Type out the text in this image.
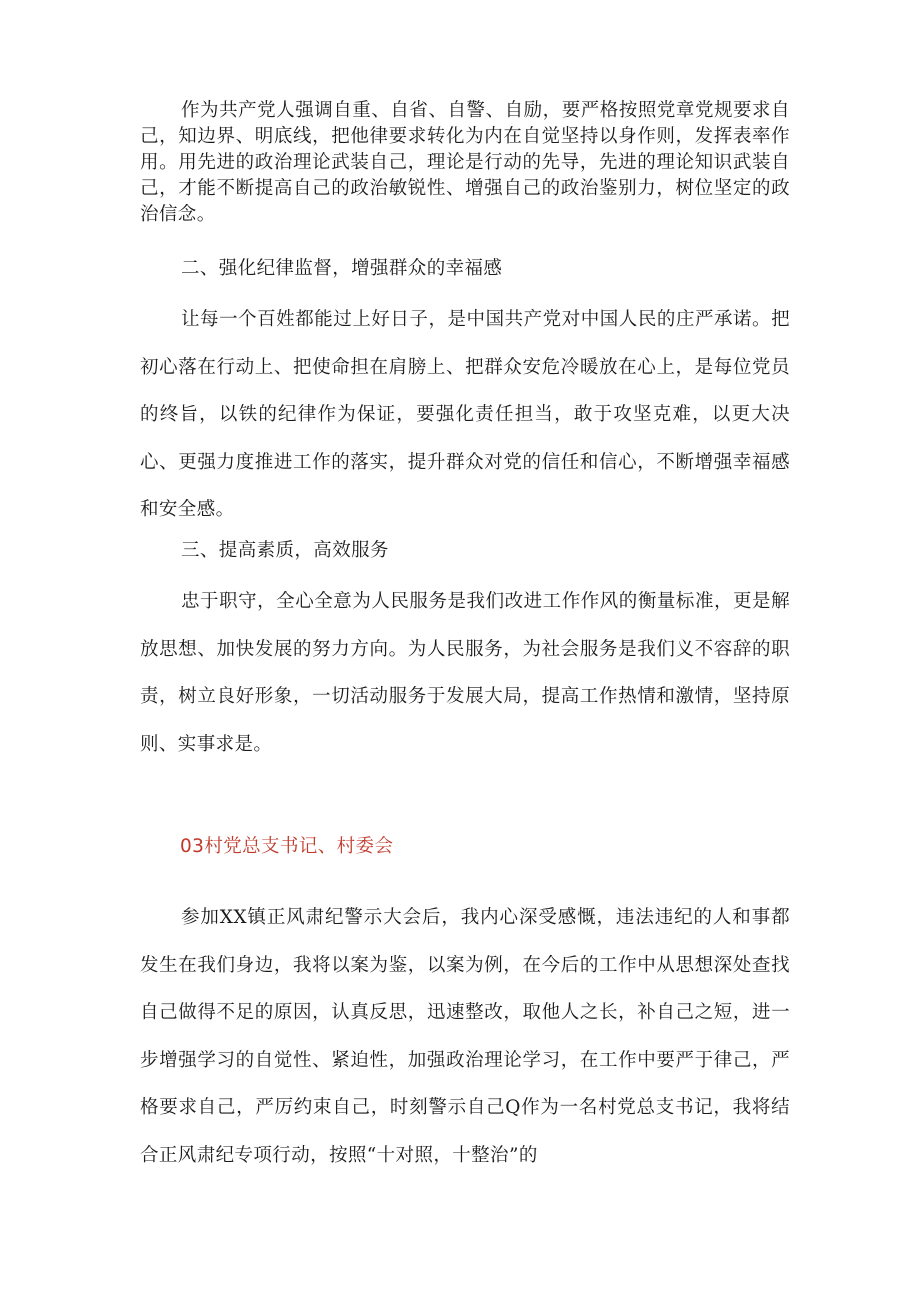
作为共产党人强调自重、自省、自警、自励，要严格按照党章党规要求自己，知边界、明底线，把他律要求转化为内在自觉坚持以身作则，发挥表率作用。用先进的政治理论武装自己，理论是行动的先导，先进的理论知识武装自己，才能不断提高自己的政治敏锐性、增强自己的政治鉴别力，树位坚定的政治信念。

二、强化纪律监督，增强群众的幸福感

让每一个百姓都能过上好日子，是中国共产党对中国人民的庄严承诺。把初心落在行动上、把使命担在肩膀上、把群众安危冷暖放在心上，是每位党员的终旨，以铁的纪律作为保证，要强化责任担当，敢于攻坚克难，以更大决心、更强力度推进工作的落实，提升群众对党的信任和信心，不断增强幸福感和安全感。

三、提高素质，高效服务

忠于职守，全心全意为人民服务是我们改进工作作风的衡量标准，更是解放思想、加快发展的努力方向。为人民服务，为社会服务是我们义不容辞的职责，树立良好形象，一切活动服务于发展大局，提高工作热情和激情，坚持原则、实事求是。

03村党总支书记、村委会

参加XX镇正风肃纪警示大会后，我内心深受感慨，违法违纪的人和事都发生在我们身边，我将以案为鉴，以案为例，在今后的工作中从思想深处查找自己做得不足的原因，认真反思，迅速整改，取他人之长，补自己之短，进一步增强学习的自觉性、紧迫性，加强政治理论学习，在工作中要严于律己，严格要求自己，严厉约束自己，时刻警示自己Q作为一名村党总支书记，我将结合正风肃纪专项行动，按照“十对照，十整治”的
